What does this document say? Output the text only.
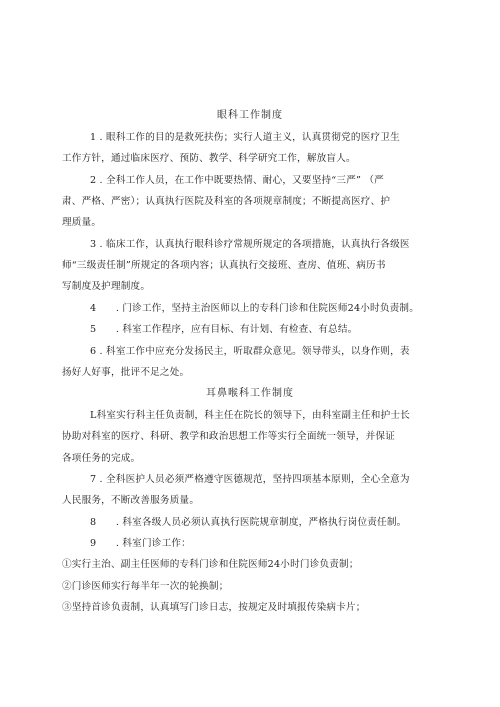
眼科工作制度
1 . 眼科工作的目的是救死扶伤；实行人道主义，认真贯彻党的医疗卫生
工作方针，通过临床医疗、预防、教学、科学研究工作，解放盲人。
2 . 全科工作人员，在工作中既要热情、耐心，又要坚持“三严” （严
肃、严格、严密）；认真执行医院及科室的各项规章制度；不断提高医疗、护
理质量。
3 . 临床工作，认真执行眼科诊疗常规所规定的各项措施，认真执行各级医
师“三级责任制”所规定的各项内容；认真执行交接班、查房、值班、病历书
写制度及护理制度。
4　　. 门诊工作，坚持主治医师以上的专科门诊和住院医师24小时负责制。
5　　. 科室工作程序，应有目标、有计划、有检查、有总结。
6 . 科室工作中应充分发扬民主，听取群众意见。领导带头，以身作则，表
扬好人好事，批评不足之处。
耳鼻喉科工作制度
L科室实行科主任负责制，科主任在院长的领导下，由科室副主任和护士长
协助对科室的医疗、科研、教学和政治思想工作等实行全面统一领导，并保证
各项任务的完成。
7 . 全科医护人员必须严格遵守医德规范，坚持四项基本原则，全心全意为
人民服务，不断改善服务质量。
8　　. 科室各级人员必须认真执行医院规章制度，严格执行岗位责任制。
9　　. 科室门诊工作：
①实行主治、副主任医师的专科门诊和住院医师24小时门诊负责制；
②门诊医师实行每半年一次的轮换制；
③坚持首诊负责制，认真填写门诊日志，按规定及时填报传染病卡片；
